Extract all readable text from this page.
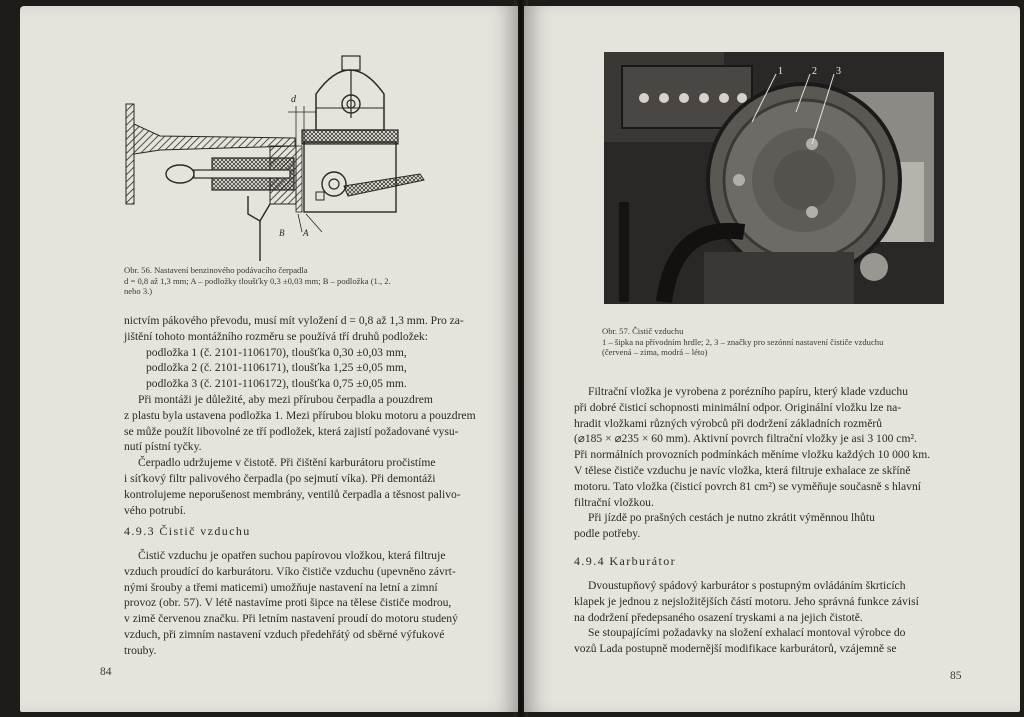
d
B A
Obr. 56. Nastavení benzinového podávacího čerpadla
d = 0,8 až 1,3 mm; A – podložky tloušťky 0,3 ±0,03 mm; B – podložka (1., 2.
nebo 3.)
nictvím pákového převodu, musí mít vyložení d = 0,8 až 1,3 mm. Pro za-
jištění tohoto montážního rozměru se používá tří druhů podložek:
podložka 1 (č. 2101-1106170), tloušťka 0,30 ±0,03 mm,
podložka 2 (č. 2101-1106171), tloušťka 1,25 ±0,05 mm,
podložka 3 (č. 2101-1106172), tloušťka 0,75 ±0,05 mm.
Při montáži je důležité, aby mezi přírubou čerpadla a pouzdrem
z plastu byla ustavena podložka 1. Mezi přírubou bloku motoru a pouzdrem
se může použít libovolné ze tří podložek, která zajistí požadované vysu-
nutí pístní tyčky.
Čerpadlo udržujeme v čistotě. Při čištění karburátoru pročistíme
i síťkový filtr palivového čerpadla (po sejmutí víka). Při demontáži
kontrolujeme neporušenost membrány, ventilů čerpadla a těsnost palivo-
vého potrubí.
4.9.3 Čistič vzduchu
Čistič vzduchu je opatřen suchou papírovou vložkou, která filtruje
vzduch proudící do karburátoru. Víko čističe vzduchu (upevněno závrt-
nými šrouby a třemi maticemi) umožňuje nastavení na letní a zimní
provoz (obr. 57). V létě nastavíme proti šipce na tělese čističe modrou,
v zimě červenou značku. Při letním nastavení proudí do motoru studený
vzduch, při zimním nastavení vzduch předehřátý od sběrné výfukové
trouby.
84
1	2 3
Obr. 57. Čistič vzduchu
1 – šipka na přívodním hrdle; 2, 3 – značky pro sezónní nastavení čističe vzduchu
(červená – zima, modrá – léto)
Filtrační vložka je vyrobena z porézního papíru, který klade vzduchu
při dobré čisticí schopnosti minimální odpor. Originální vložku lze na-
hradit vložkami různých výrobců při dodržení základních rozměrů
(⌀185 × ⌀235 × 60 mm). Aktivní povrch filtrační vložky je asi 3 100 cm².
Při normálních provozních podmínkách měníme vložku každých 10 000 km.
V tělese čističe vzduchu je navíc vložka, která filtruje exhalace ze skříně
motoru. Tato vložka (čisticí povrch 81 cm²) se vyměňuje současně s hlavní
filtrační vložkou.
Při jízdě po prašných cestách je nutno zkrátit výměnnou lhůtu
podle potřeby.
4.9.4 Karburátor
Dvoustupňový spádový karburátor s postupným ovládáním škrticích
klapek je jednou z nejsložitějších částí motoru. Jeho správná funkce závisí
na dodržení předepsaného osazení tryskami a na jejich čistotě.
Se stoupajícími požadavky na složení exhalací montoval výrobce do
vozů Lada postupně modernější modifikace karburátorů, vzájemně se
85
